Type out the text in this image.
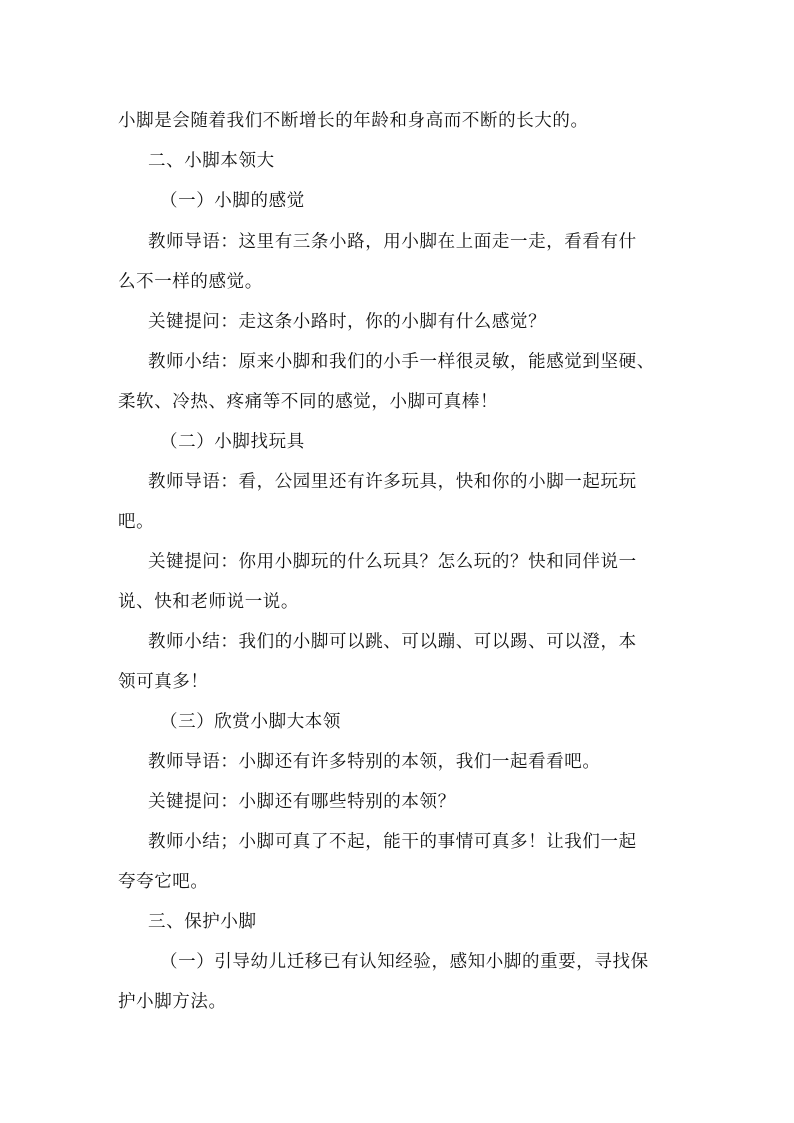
小脚是会随着我们不断增长的年龄和身高而不断的长大的。
二、小脚本领大
（一）小脚的感觉
教师导语：这里有三条小路，用小脚在上面走一走，看看有什
么不一样的感觉。
关键提问：走这条小路时，你的小脚有什么感觉？
教师小结：原来小脚和我们的小手一样很灵敏，能感觉到坚硬、
柔软、冷热、疼痛等不同的感觉，小脚可真棒！
（二）小脚找玩具
教师导语：看，公园里还有许多玩具，快和你的小脚一起玩玩
吧。
关键提问：你用小脚玩的什么玩具？怎么玩的？快和同伴说一
说、快和老师说一说。
教师小结：我们的小脚可以跳、可以蹦、可以踢、可以澄，本
领可真多！
（三）欣赏小脚大本领
教师导语：小脚还有许多特别的本领，我们一起看看吧。
关键提问：小脚还有哪些特别的本领？
教师小结；小脚可真了不起，能干的事情可真多！让我们一起
夸夸它吧。
三、保护小脚
（一）引导幼儿迁移已有认知经验，感知小脚的重要，寻找保
护小脚方法。
